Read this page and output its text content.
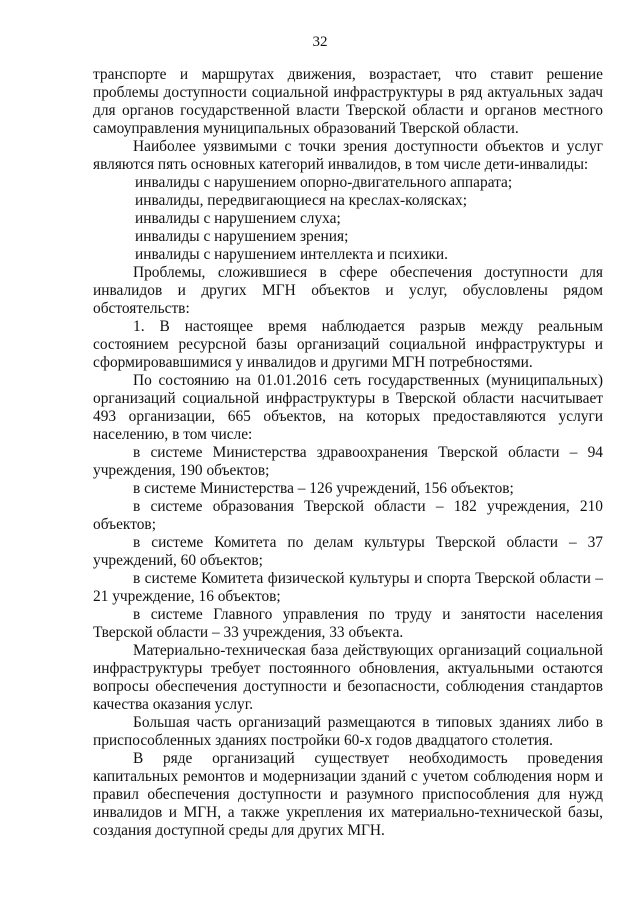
32

транспорте и маршрутах движения, возрастает, что ставит решение проблемы доступности социальной инфраструктуры в ряд актуальных задач для органов государственной власти Тверской области и органов местного самоуправления муниципальных образований Тверской области.

Наиболее уязвимыми с точки зрения доступности объектов и услуг являются пять основных категорий инвалидов, в том числе дети-инвалиды:

инвалиды с нарушением опорно-двигательного аппарата;

инвалиды, передвигающиеся на креслах-колясках;

инвалиды с нарушением слуха;

инвалиды с нарушением зрения;

инвалиды с нарушением интеллекта и психики.

Проблемы, сложившиеся в сфере обеспечения доступности для инвалидов и других МГН объектов и услуг, обусловлены рядом обстоятельств:

1. В настоящее время наблюдается разрыв между реальным состоянием ресурсной базы организаций социальной инфраструктуры и сформировавшимися у инвалидов и другими МГН потребностями.

По состоянию на 01.01.2016 сеть государственных (муниципальных) организаций социальной инфраструктуры в Тверской области насчитывает 493 организации, 665 объектов, на которых предоставляются услуги населению, в том числе:

в системе Министерства здравоохранения Тверской области – 94 учреждения, 190 объектов;

в системе Министерства – 126 учреждений, 156 объектов;

в системе образования Тверской области – 182 учреждения, 210 объектов;

в системе Комитета по делам культуры Тверской области – 37 учреждений, 60 объектов;

в системе Комитета физической культуры и спорта Тверской области – 21 учреждение, 16 объектов;

в системе Главного управления по труду и занятости населения Тверской области – 33 учреждения, 33 объекта.

Материально-техническая база действующих организаций социальной инфраструктуры требует постоянного обновления, актуальными остаются вопросы обеспечения доступности и безопасности, соблюдения стандартов качества оказания услуг.

Большая часть организаций размещаются в типовых зданиях либо в приспособленных зданиях постройки 60-х годов двадцатого столетия.

В ряде организаций существует необходимость проведения капитальных ремонтов и модернизации зданий с учетом соблюдения норм и правил обеспечения доступности и разумного приспособления для нужд инвалидов и МГН, а также укрепления их материально-технической базы, создания доступной среды для других МГН.
